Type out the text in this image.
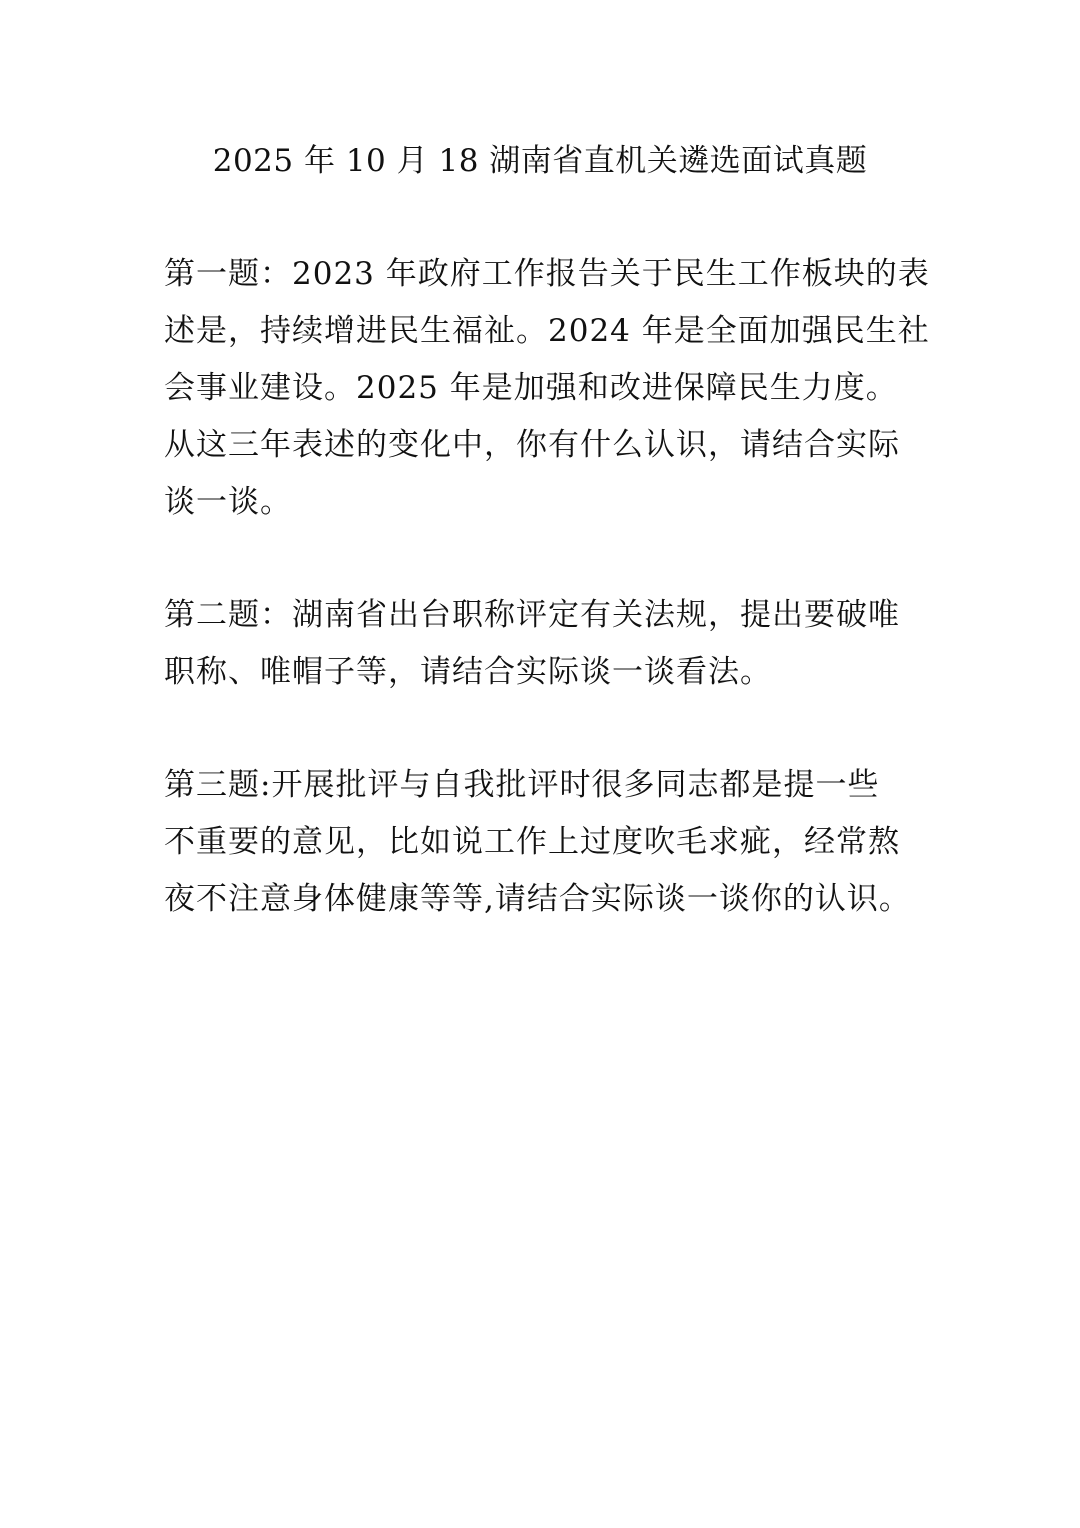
2025 年 10 月 18 湖南省直机关遴选面试真题
第一题：2023 年政府工作报告关于民生工作板块的表
述是，持续增进民生福祉。2024 年是全面加强民生社
会事业建设。2025 年是加强和改进保障民生力度。
从这三年表述的变化中，你有什么认识，请结合实际
谈一谈。
第二题：湖南省出台职称评定有关法规，提出要破唯
职称、唯帽子等，请结合实际谈一谈看法。
第三题:开展批评与自我批评时很多同志都是提一些
不重要的意见，比如说工作上过度吹毛求疵，经常熬
夜不注意身体健康等等,请结合实际谈一谈你的认识。
